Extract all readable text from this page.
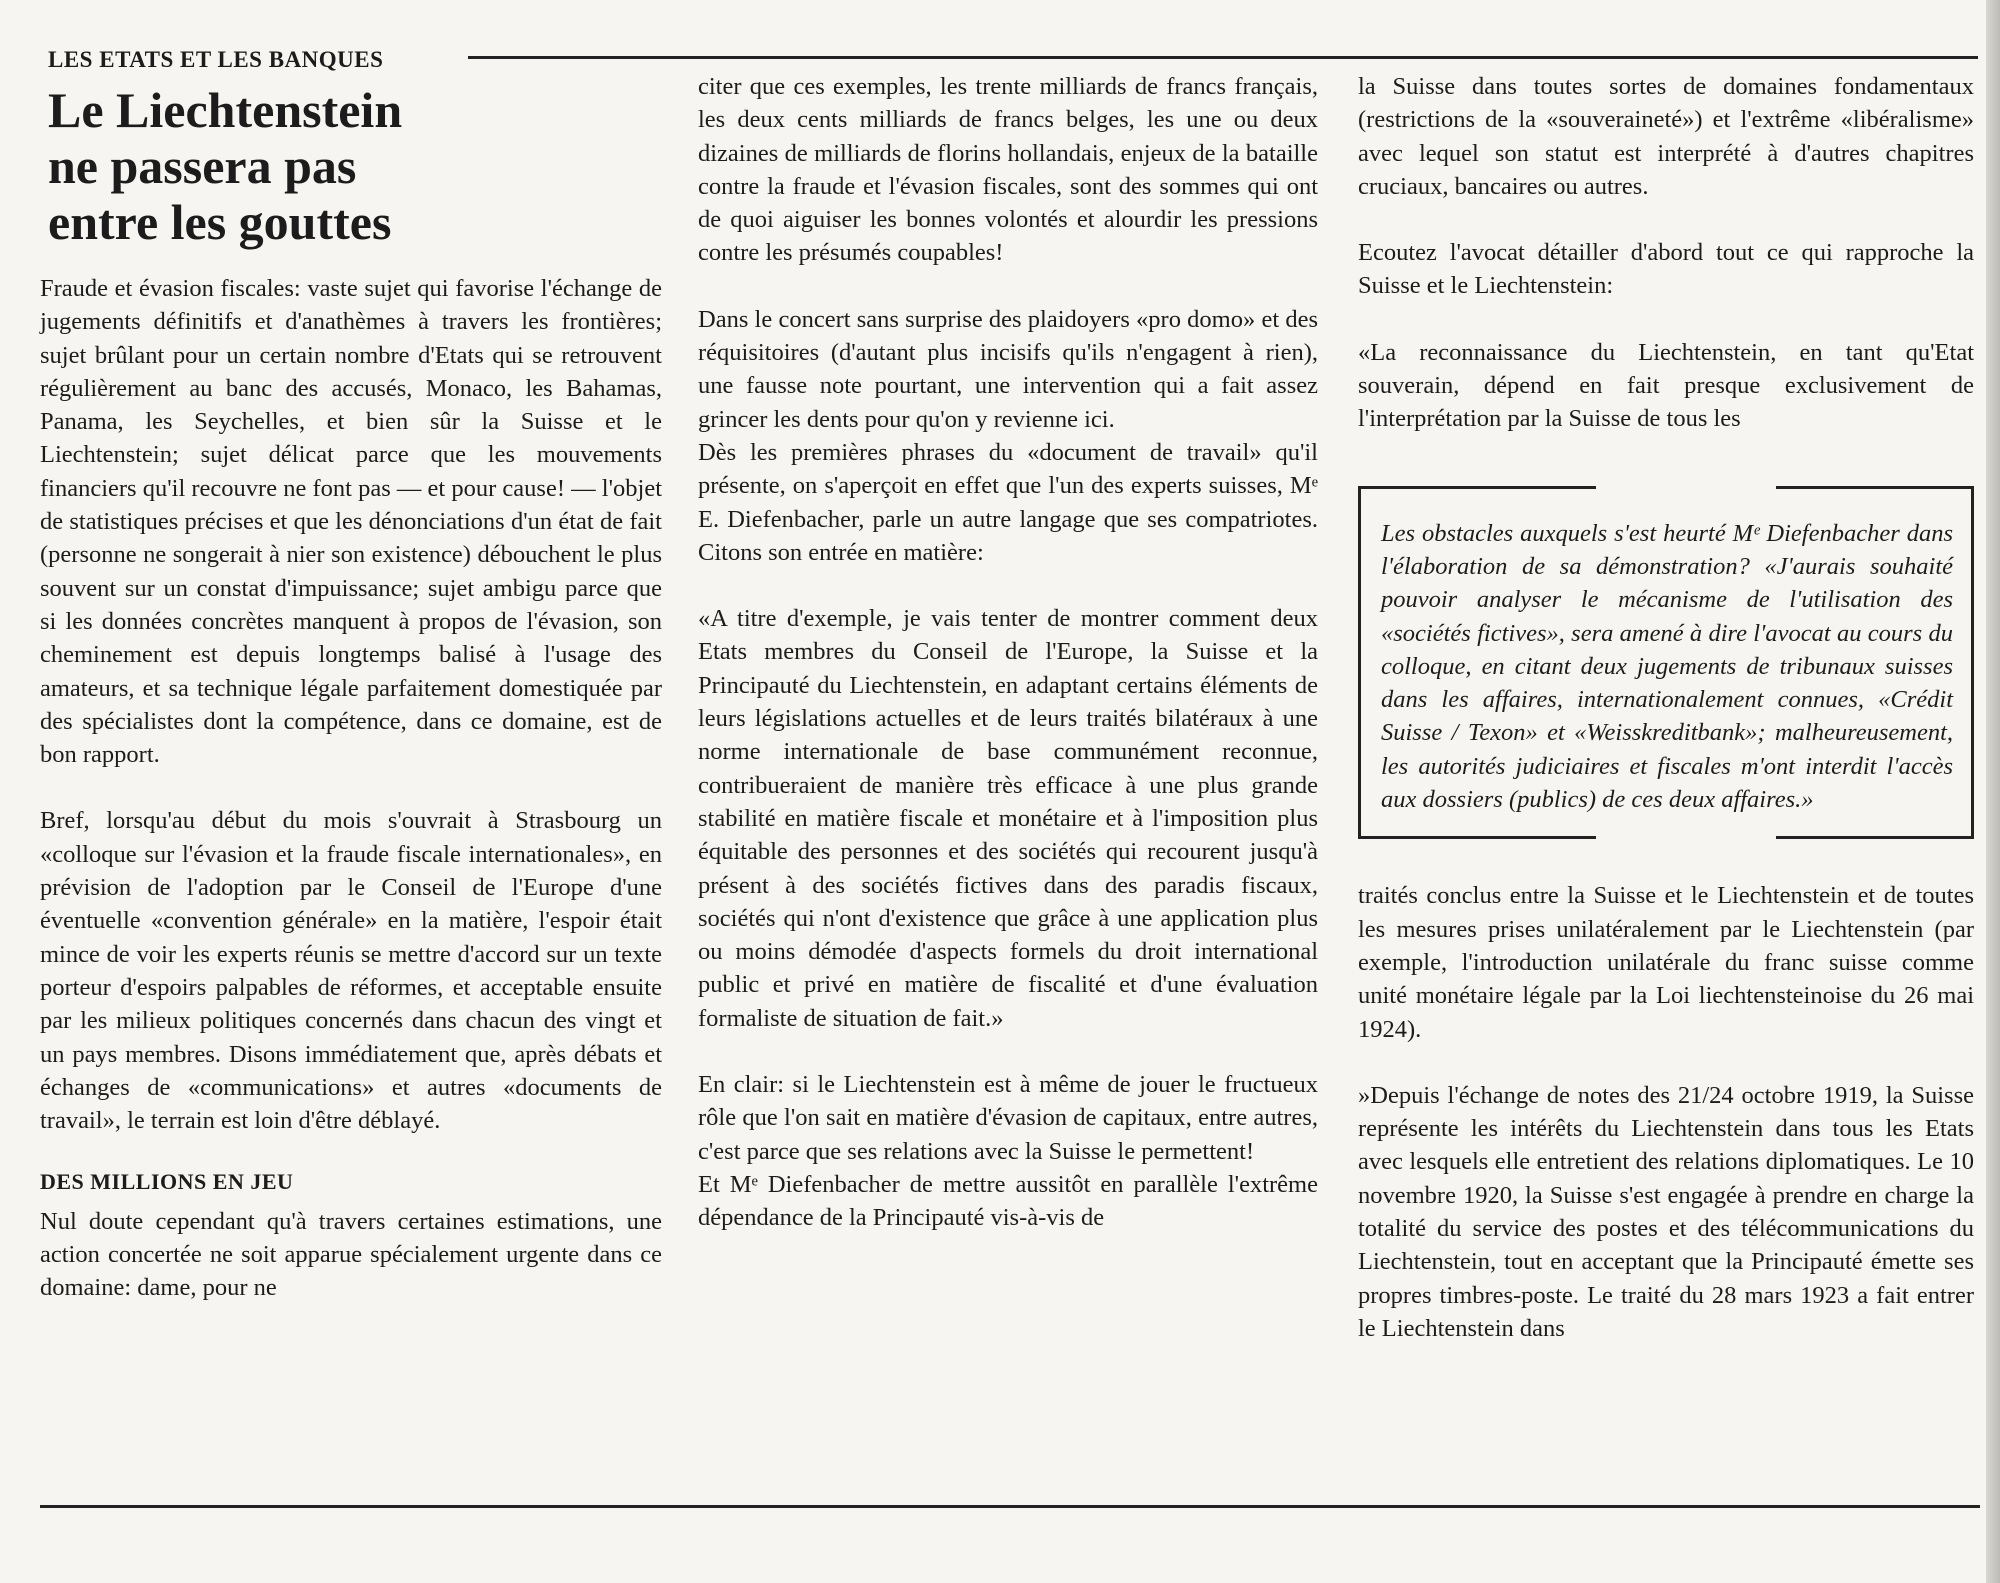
LES ETATS ET LES BANQUES
Le Liechtenstein
ne passera pas
entre les gouttes

Fraude et évasion fiscales: vaste sujet qui favorise l'échange de jugements définitifs et d'anathèmes à travers les frontières; sujet brûlant pour un certain nombre d'Etats qui se retrouvent régulièrement au banc des accusés, Monaco, les Bahamas, Panama, les Seychelles, et bien sûr la Suisse et le Liechtenstein; sujet délicat parce que les mouvements financiers qu'il recouvre ne font pas — et pour cause! — l'objet de statistiques précises et que les dénonciations d'un état de fait (personne ne songerait à nier son existence) débouchent le plus souvent sur un constat d'impuissance; sujet ambigu parce que si les données concrètes manquent à propos de l'évasion, son cheminement est depuis longtemps balisé à l'usage des amateurs, et sa technique légale parfaitement domestiquée par des spécialistes dont la compétence, dans ce domaine, est de bon rapport.

Bref, lorsqu'au début du mois s'ouvrait à Strasbourg un «colloque sur l'évasion et la fraude fiscale internationales», en prévision de l'adoption par le Conseil de l'Europe d'une éventuelle «convention générale» en la matière, l'espoir était mince de voir les experts réunis se mettre d'accord sur un texte porteur d'espoirs palpables de réformes, et acceptable ensuite par les milieux politiques concernés dans chacun des vingt et un pays membres. Disons immédiatement que, après débats et échanges de «communications» et autres «documents de travail», le terrain est loin d'être déblayé.

DES MILLIONS EN JEU

Nul doute cependant qu'à travers certaines estimations, une action concertée ne soit apparue spécialement urgente dans ce domaine: dame, pour ne

citer que ces exemples, les trente milliards de francs français, les deux cents milliards de francs belges, les une ou deux dizaines de milliards de florins hollandais, enjeux de la bataille contre la fraude et l'évasion fiscales, sont des sommes qui ont de quoi aiguiser les bonnes volontés et alourdir les pressions contre les présumés coupables!

Dans le concert sans surprise des plaidoyers «pro domo» et des réquisitoires (d'autant plus incisifs qu'ils n'engagent à rien), une fausse note pourtant, une intervention qui a fait assez grincer les dents pour qu'on y revienne ici.

Dès les premières phrases du «document de travail» qu'il présente, on s'aperçoit en effet que l'un des experts suisses, Mᵉ E. Diefenbacher, parle un autre langage que ses compatriotes. Citons son entrée en matière:

«A titre d'exemple, je vais tenter de montrer comment deux Etats membres du Conseil de l'Europe, la Suisse et la Principauté du Liechtenstein, en adaptant certains éléments de leurs législations actuelles et de leurs traités bilatéraux à une norme internationale de base communément reconnue, contribueraient de manière très efficace à une plus grande stabilité en matière fiscale et monétaire et à l'imposition plus équitable des personnes et des sociétés qui recourent jusqu'à présent à des sociétés fictives dans des paradis fiscaux, sociétés qui n'ont d'existence que grâce à une application plus ou moins démodée d'aspects formels du droit international public et privé en matière de fiscalité et d'une évaluation formaliste de situation de fait.»

En clair: si le Liechtenstein est à même de jouer le fructueux rôle que l'on sait en matière d'évasion de capitaux, entre autres, c'est parce que ses relations avec la Suisse le permettent!

Et Mᵉ Diefenbacher de mettre aussitôt en parallèle l'extrême dépendance de la Principauté vis-à-vis de

la Suisse dans toutes sortes de domaines fondamentaux (restrictions de la «souveraineté») et l'extrême «libéralisme» avec lequel son statut est interprété à d'autres chapitres cruciaux, bancaires ou autres.

Ecoutez l'avocat détailler d'abord tout ce qui rapproche la Suisse et le Liechtenstein:

«La reconnaissance du Liechtenstein, en tant qu'Etat souverain, dépend en fait presque exclusivement de l'interprétation par la Suisse de tous les

Les obstacles auxquels s'est heurté Mᵉ Diefenbacher dans l'élaboration de sa démonstration? «J'aurais souhaité pouvoir analyser le mécanisme de l'utilisation des «sociétés fictives», sera amené à dire l'avocat au cours du colloque, en citant deux jugements de tribunaux suisses dans les affaires, internationalement connues, «Crédit Suisse / Texon» et «Weisskreditbank»; malheureusement, les autorités judiciaires et fiscales m'ont interdit l'accès aux dossiers (publics) de ces deux affaires.»

traités conclus entre la Suisse et le Liechtenstein et de toutes les mesures prises unilatéralement par le Liechtenstein (par exemple, l'introduction unilatérale du franc suisse comme unité monétaire légale par la Loi liechtensteinoise du 26 mai 1924).

»Depuis l'échange de notes des 21/24 octobre 1919, la Suisse représente les intérêts du Liechtenstein dans tous les Etats avec lesquels elle entretient des relations diplomatiques. Le 10 novembre 1920, la Suisse s'est engagée à prendre en charge la totalité du service des postes et des télécommunications du Liechtenstein, tout en acceptant que la Principauté émette ses propres timbres-poste. Le traité du 28 mars 1923 a fait entrer le Liechtenstein dans
